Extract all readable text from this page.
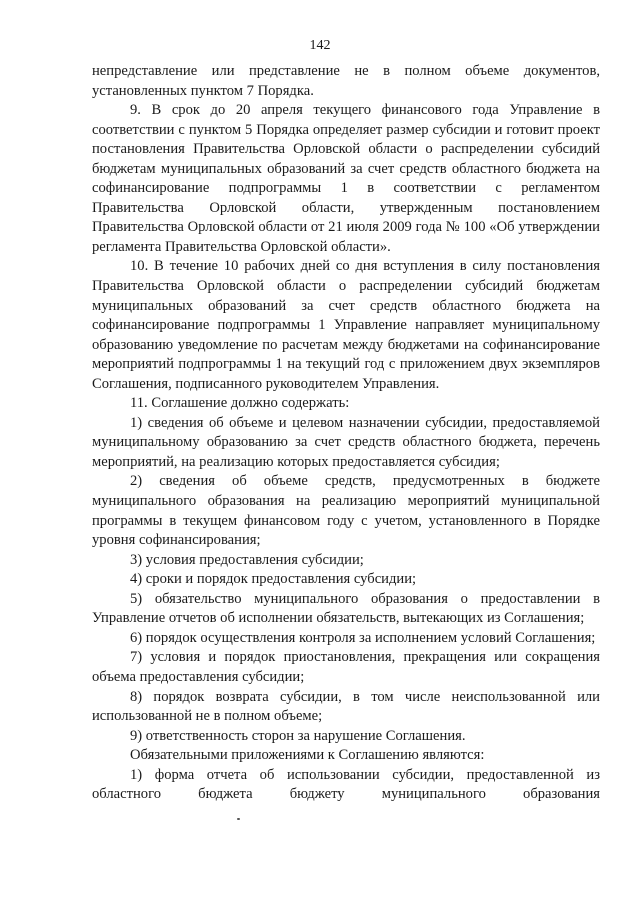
142

непредставление или представление не в полном объеме документов, установленных пунктом 7 Порядка.

9. В срок до 20 апреля текущего финансового года Управление в соответствии с пунктом 5 Порядка определяет размер субсидии и готовит проект постановления Правительства Орловской области о распределении субсидий бюджетам муниципальных образований за счет средств областного бюджета на софинансирование подпрограммы 1 в соответствии с регламентом Правительства Орловской области, утвержденным постановлением Правительства Орловской области от 21 июля 2009 года № 100 «Об утверждении регламента Правительства Орловской области».

10. В течение 10 рабочих дней со дня вступления в силу постановления Правительства Орловской области о распределении субсидий бюджетам муниципальных образований за счет средств областного бюджета на софинансирование подпрограммы 1 Управление направляет муниципальному образованию уведомление по расчетам между бюджетами на софинансирование мероприятий подпрограммы 1 на текущий год с приложением двух экземпляров Соглашения, подписанного руководителем Управления.

11. Соглашение должно содержать:

1) сведения об объеме и целевом назначении субсидии, предоставляемой муниципальному образованию за счет средств областного бюджета, перечень мероприятий, на реализацию которых предоставляется субсидия;

2) сведения об объеме средств, предусмотренных в бюджете муниципального образования на реализацию мероприятий муниципальной программы в текущем финансовом году с учетом, установленного в Порядке уровня софинансирования;

3) условия предоставления субсидии;

4) сроки и порядок предоставления субсидии;

5) обязательство муниципального образования о предоставлении в Управление отчетов об исполнении обязательств, вытекающих из Соглашения;

6) порядок осуществления контроля за исполнением условий Соглашения;

7) условия и порядок приостановления, прекращения или сокращения объема предоставления субсидии;

8) порядок возврата субсидии, в том числе неиспользованной или использованной не в полном объеме;

9) ответственность сторон за нарушение Соглашения.

Обязательными приложениями к Соглашению являются:

1) форма отчета об использовании субсидии, предоставленной из областного бюджета бюджету муниципального образования
